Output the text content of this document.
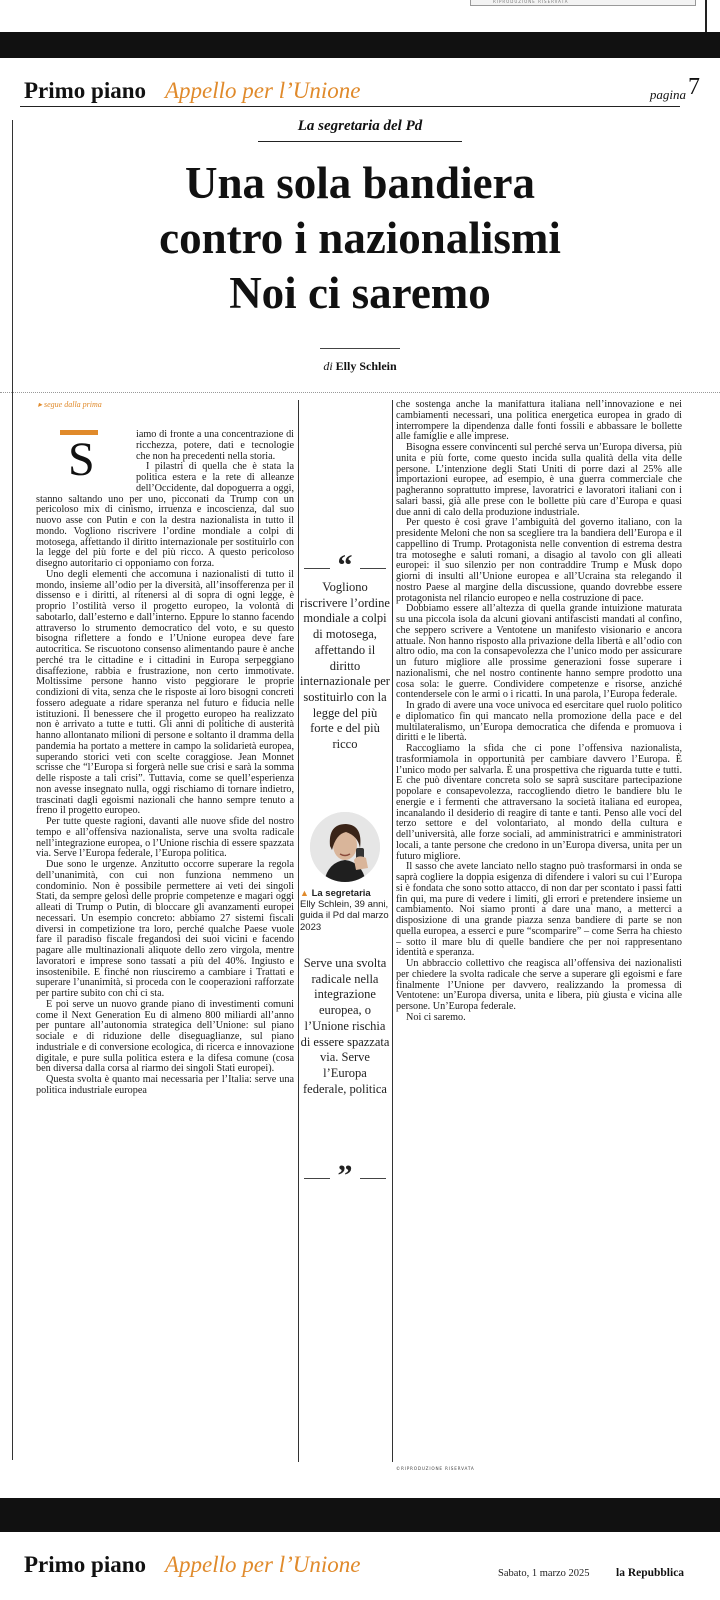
RIPRODUZIONE RISERVATA
Primo piano Appello per l’Unione	pagina 7
La segretaria del Pd
Una sola bandiera
contro i nazionalismi
Noi ci saremo
di Elly Schlein
▸ segue dalla prima
S	iamo di fronte a una concentrazione di ricchezza, potere, dati e tecnologie che non ha precedenti nella storia.

I pilastri di quella che è stata la politica estera e la rete di alleanze dell’Occidente, dal dopoguerra a oggi, stanno saltando uno per uno, picconati da Trump con un pericoloso mix di cinismo, irruenza e incoscienza, dal suo nuovo asse con Putin e con la destra nazionalista in tutto il mondo. Vogliono riscrivere l’ordine mondiale a colpi di motosega, affettando il diritto internazionale per sostituirlo con la legge del più forte e del più ricco. A questo pericoloso disegno autoritario ci opponiamo con forza.

Uno degli elementi che accomuna i nazionalisti di tutto il mondo, insieme all’odio per la diversità, all’insofferenza per il dissenso e i diritti, al ritenersi al di sopra di ogni legge, è proprio l’ostilità verso il progetto europeo, la volontà di sabotarlo, dall’esterno e dall’interno. Eppure lo stanno facendo attraverso lo strumento democratico del voto, e su questo bisogna riflettere a fondo e l’Unione europea deve fare autocritica. Se riscuotono consenso alimentando paure è anche perché tra le cittadine e i cittadini in Europa serpeggiano disaffezione, rabbia e frustrazione, non certo immotivate. Moltissime persone hanno visto peggiorare le proprie condizioni di vita, senza che le risposte ai loro bisogni concreti fossero adeguate a ridare speranza nel futuro e fiducia nelle istituzioni. Il benessere che il progetto europeo ha realizzato non è arrivato a tutte e tutti. Gli anni di politiche di austerità hanno allontanato milioni di persone e soltanto il dramma della pandemia ha portato a mettere in campo la solidarietà europea, superando storici veti con scelte coraggiose. Jean Monnet scrisse che “l’Europa si forgerà nelle sue crisi e sarà la somma delle risposte a tali crisi”. Tuttavia, come se quell’esperienza non avesse insegnato nulla, oggi rischiamo di tornare indietro, trascinati dagli egoismi nazionali che hanno sempre tenuto a freno il progetto europeo.

Per tutte queste ragioni, davanti alle nuove sfide del nostro tempo e all’offensiva nazionalista, serve una svolta radicale nell’integrazione europea, o l’Unione rischia di essere spazzata via. Serve l’Europa federale, l’Europa politica.

Due sono le urgenze. Anzitutto occorre superare la regola dell’unanimità, con cui non funziona nemmeno un condominio. Non è possibile permettere ai veti dei singoli Stati, da sempre gelosi delle proprie competenze e magari oggi alleati di Trump o Putin, di bloccare gli avanzamenti europei necessari. Un esempio concreto: abbiamo 27 sistemi fiscali diversi in competizione tra loro, perché qualche Paese vuole fare il paradiso fiscale fregandosi dei suoi vicini e facendo pagare alle multinazionali aliquote dello zero virgola, mentre lavoratori e imprese sono tassati a più del 40%. Ingiusto e insostenibile. E finché non riusciremo a cambiare i Trattati e superare l’unanimità, si proceda con le cooperazioni rafforzate per partire subito con chi ci sta.

E poi serve un nuovo grande piano di investimenti comuni come il Next Generation Eu di almeno 800 miliardi all’anno per puntare all’autonomia strategica dell’Unione: sul piano sociale e di riduzione delle diseguaglianze, sul piano industriale e di conversione ecologica, di ricerca e innovazione digitale, e pure sulla politica estera e la difesa comune (cosa ben diversa dalla corsa al riarmo dei singoli Stati europei).

Questa svolta è quanto mai necessaria per l’Italia: serve una politica industriale europea

“
Vogliono riscrivere l’ordine mondiale a colpi di motosega, affettando il diritto internazionale per sostituirlo con la legge del più forte e del più ricco
▲ La segretaria
Elly Schlein, 39 anni, guida il Pd dal marzo 2023
Serve una svolta radicale nella integrazione europea, o l’Unione rischia di essere spazzata via. Serve l’Europa federale, politica
”

che sostenga anche la manifattura italiana nell’innovazione e nei cambiamenti necessari, una politica energetica europea in grado di interrompere la dipendenza dalle fonti fossili e abbassare le bollette alle famiglie e alle imprese.

Bisogna essere convincenti sul perché serva un’Europa diversa, più unita e più forte, come questo incida sulla qualità della vita delle persone. L’intenzione degli Stati Uniti di porre dazi al 25% alle importazioni europee, ad esempio, è una guerra commerciale che pagheranno soprattutto imprese, lavoratrici e lavoratori italiani con i salari bassi, già alle prese con le bollette più care d’Europa e quasi due anni di calo della produzione industriale.

Per questo è così grave l’ambiguità del governo italiano, con la presidente Meloni che non sa scegliere tra la bandiera dell’Europa e il cappellino di Trump. Protagonista nelle convention di estrema destra tra motoseghe e saluti romani, a disagio al tavolo con gli alleati europei: il suo silenzio per non contraddire Trump e Musk dopo giorni di insulti all’Unione europea e all’Ucraina sta relegando il nostro Paese al margine della discussione, quando dovrebbe essere protagonista nel rilancio europeo e nella costruzione di pace.

Dobbiamo essere all’altezza di quella grande intuizione maturata su una piccola isola da alcuni giovani antifascisti mandati al confino, che seppero scrivere a Ventotene un manifesto visionario e ancora attuale. Non hanno risposto alla privazione della libertà e all’odio con altro odio, ma con la consapevolezza che l’unico modo per assicurare un futuro migliore alle prossime generazioni fosse superare i nazionalismi, che nel nostro continente hanno sempre prodotto una cosa sola: le guerre. Condividere competenze e risorse, anziché contendersele con le armi o i ricatti. In una parola, l’Europa federale.

In grado di avere una voce univoca ed esercitare quel ruolo politico e diplomatico fin qui mancato nella promozione della pace e del multilateralismo, un’Europa democratica che difenda e promuova i diritti e le libertà.

Raccogliamo la sfida che ci pone l’offensiva nazionalista, trasformiamola in opportunità per cambiare davvero l’Europa. È l’unico modo per salvarla. È una prospettiva che riguarda tutte e tutti. E che può diventare concreta solo se saprà suscitare partecipazione popolare e consapevolezza, raccogliendo dietro le bandiere blu le energie e i fermenti che attraversano la società italiana ed europea, incanalando il desiderio di reagire di tante e tanti. Penso alle voci del terzo settore e del volontariato, al mondo della cultura e dell’università, alle forze sociali, ad amministratrici e amministratori locali, a tante persone che credono in un’Europa diversa, unita per un futuro migliore.

Il sasso che avete lanciato nello stagno può trasformarsi in onda se saprà cogliere la doppia esigenza di difendere i valori su cui l’Europa si è fondata che sono sotto attacco, di non dar per scontato i passi fatti fin qui, ma pure di vedere i limiti, gli errori e pretendere insieme un cambiamento. Noi siamo pronti a dare una mano, a metterci a disposizione di una grande piazza senza bandiere di parte se non quella europea, a esserci e pure “scomparire” – come Serra ha chiesto – sotto il mare blu di quelle bandiere che per noi rappresentano identità e speranza.

Un abbraccio collettivo che reagisca all’offensiva dei nazionalisti per chiedere la svolta radicale che serve a superare gli egoismi e fare finalmente l’Unione per davvero, realizzando la promessa di Ventotene: un’Europa diversa, unita e libera, più giusta e vicina alle persone. Un’Europa federale.

Noi ci saremo.

©RIPRODUZIONE RISERVATA
Primo piano Appello per l’Unione	Sabato, 1 marzo 2025 la Repubblica
